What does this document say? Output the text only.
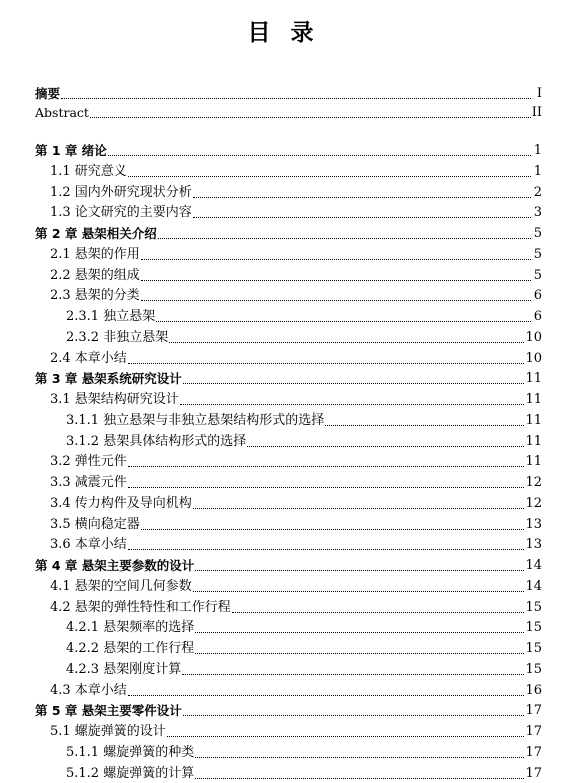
目 录
摘要	I
Abstract	II
第 1 章 绪论	1
1.1 研究意义	1
1.2 国内外研究现状分析	2
1.3 论文研究的主要内容	3
第 2 章 悬架相关介绍	5
2.1 悬架的作用	5
2.2 悬架的组成	5
2.3 悬架的分类	6
2.3.1 独立悬架	6
2.3.2 非独立悬架	10
2.4 本章小结	10
第 3 章 悬架系统研究设计	11
3.1 悬架结构研究设计	11
3.1.1 独立悬架与非独立悬架结构形式的选择	11
3.1.2 悬架具体结构形式的选择	11
3.2 弹性元件	11
3.3 减震元件	12
3.4 传力构件及导向机构	12
3.5 横向稳定器	13
3.6 本章小结	13
第 4 章 悬架主要参数的设计	14
4.1 悬架的空间几何参数	14
4.2 悬架的弹性特性和工作行程	15
4.2.1 悬架频率的选择	15
4.2.2 悬架的工作行程	15
4.2.3 悬架刚度计算	15
4.3 本章小结	16
第 5 章 悬架主要零件设计	17
5.1 螺旋弹簧的设计	17
5.1.1 螺旋弹簧的种类	17
5.1.2 螺旋弹簧的计算	17
